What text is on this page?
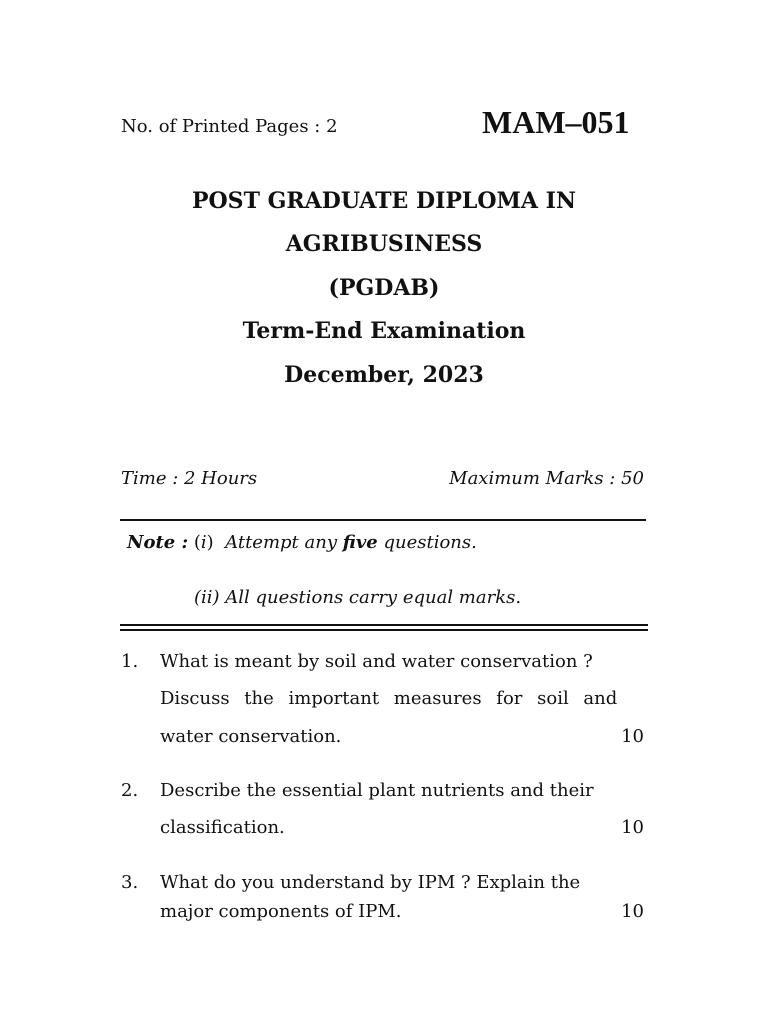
No. of Printed Pages : 2	MAM–051
POST GRADUATE DIPLOMA IN
AGRIBUSINESS
(PGDAB)
Term-End Examination
December, 2023
Time : 2 Hours	Maximum Marks : 50
Note : (i) Attempt any five questions.
(ii) All questions carry equal marks.
1. What is meant by soil and water conservation ?
Discuss the important measures for soil and
water conservation.	10
2. Describe the essential plant nutrients and their
classification.	10
3. What do you understand by IPM ? Explain the
major components of IPM.	10
